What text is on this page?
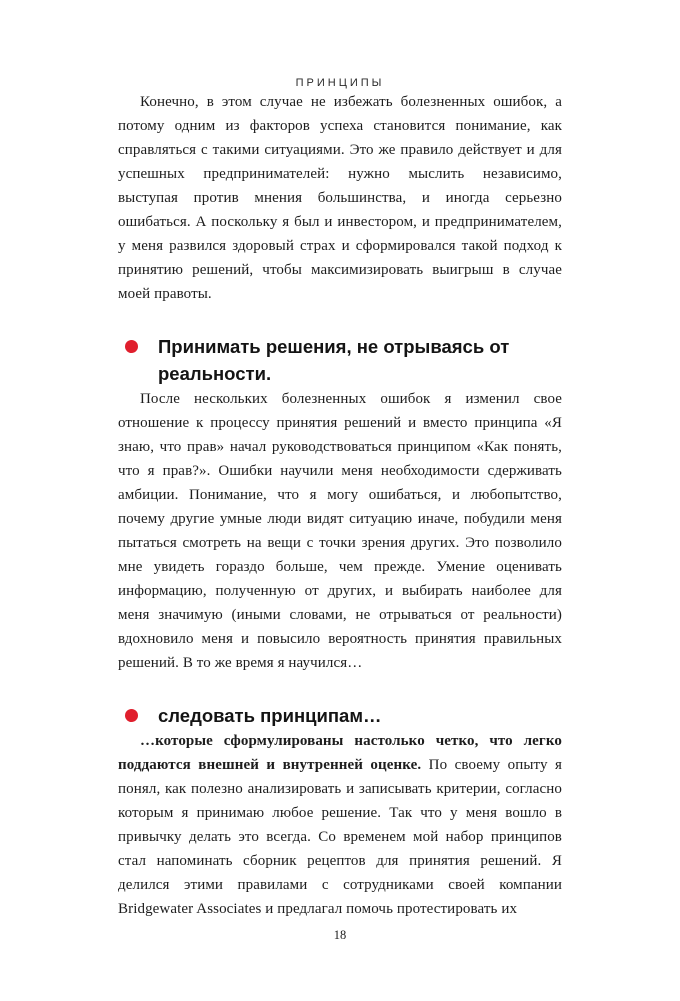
ПРИНЦИПЫ

Конечно, в этом случае не избежать болезненных ошибок, а потому одним из факторов успеха становится понимание, как справляться с такими ситуациями. Это же правило действует и для успешных предпринимателей: нужно мыслить независимо, выступая против мнения большинства, и иногда серьезно ошибаться. А поскольку я был и инвестором, и предпринимателем, у меня развился здоровый страх и сформировался такой подход к принятию решений, чтобы максимизировать выигрыш в случае моей правоты.

Принимать решения, не отрываясь от реальности.

После нескольких болезненных ошибок я изменил свое отношение к процессу принятия решений и вместо принципа «Я знаю, что прав» начал руководствоваться принципом «Как понять, что я прав?». Ошибки научили меня необходимости сдерживать амбиции. Понимание, что я могу ошибаться, и любопытство, почему другие умные люди видят ситуацию иначе, побудили меня пытаться смотреть на вещи с точки зрения других. Это позволило мне увидеть гораздо больше, чем прежде. Умение оценивать информацию, полученную от других, и выбирать наиболее для меня значимую (иными словами, не отрываться от реальности) вдохновило меня и повысило вероятность принятия правильных решений. В то же время я научился…

следовать принципам…

…которые сформулированы настолько четко, что легко поддаются внешней и внутренней оценке. По своему опыту я понял, как полезно анализировать и записывать критерии, согласно которым я принимаю любое решение. Так что у меня вошло в привычку делать это всегда. Со временем мой набор принципов стал напоминать сборник рецептов для принятия решений. Я делился этими правилами с сотрудниками своей компании Bridgewater Associates и предлагал помочь протестировать их

18
